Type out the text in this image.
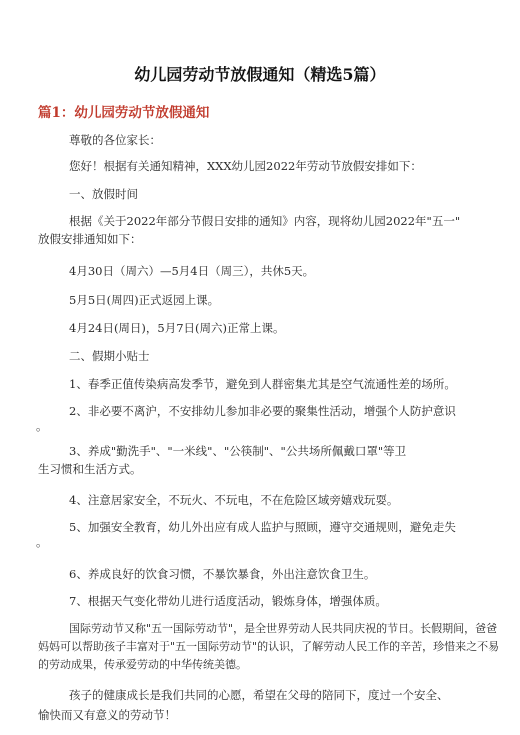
幼儿园劳动节放假通知（精选5篇）
篇1：幼儿园劳动节放假通知
尊敬的各位家长：
您好！根据有关通知精神，XXX幼儿园2022年劳动节放假安排如下：
一、放假时间
根据《关于2022年部分节假日安排的通知》内容，现将幼儿园2022年"五一"
放假安排通知如下：
4月30日（周六）—5月4日（周三），共休5天。
5月5日(周四)正式返园上课。
4月24日(周日)，5月7日(周六)正常上课。
二、假期小贴士
1、春季正值传染病高发季节，避免到人群密集尤其是空气流通性差的场所。
2、非必要不离沪，不安排幼儿参加非必要的聚集性活动，增强个人防护意识
。
3、养成"勤洗手"、"一米线"、"公筷制"、"公共场所佩戴口罩"等卫
生习惯和生活方式。
4、注意居家安全，不玩火、不玩电，不在危险区域旁嬉戏玩耍。
5、加强安全教育，幼儿外出应有成人监护与照顾，遵守交通规则，避免走失
。
6、养成良好的饮食习惯，不暴饮暴食，外出注意饮食卫生。
7、根据天气变化带幼儿进行适度活动，锻炼身体，增强体质。
国际劳动节又称"五一国际劳动节"，是全世界劳动人民共同庆祝的节日。长假期间，爸爸
妈妈可以帮助孩子丰富对于"五一国际劳动节"的认识，了解劳动人民工作的辛苦，珍惜来之不易
的劳动成果，传承爱劳动的中华传统美德。
孩子的健康成长是我们共同的心愿，希望在父母的陪同下，度过一个安全、
愉快而又有意义的劳动节！
